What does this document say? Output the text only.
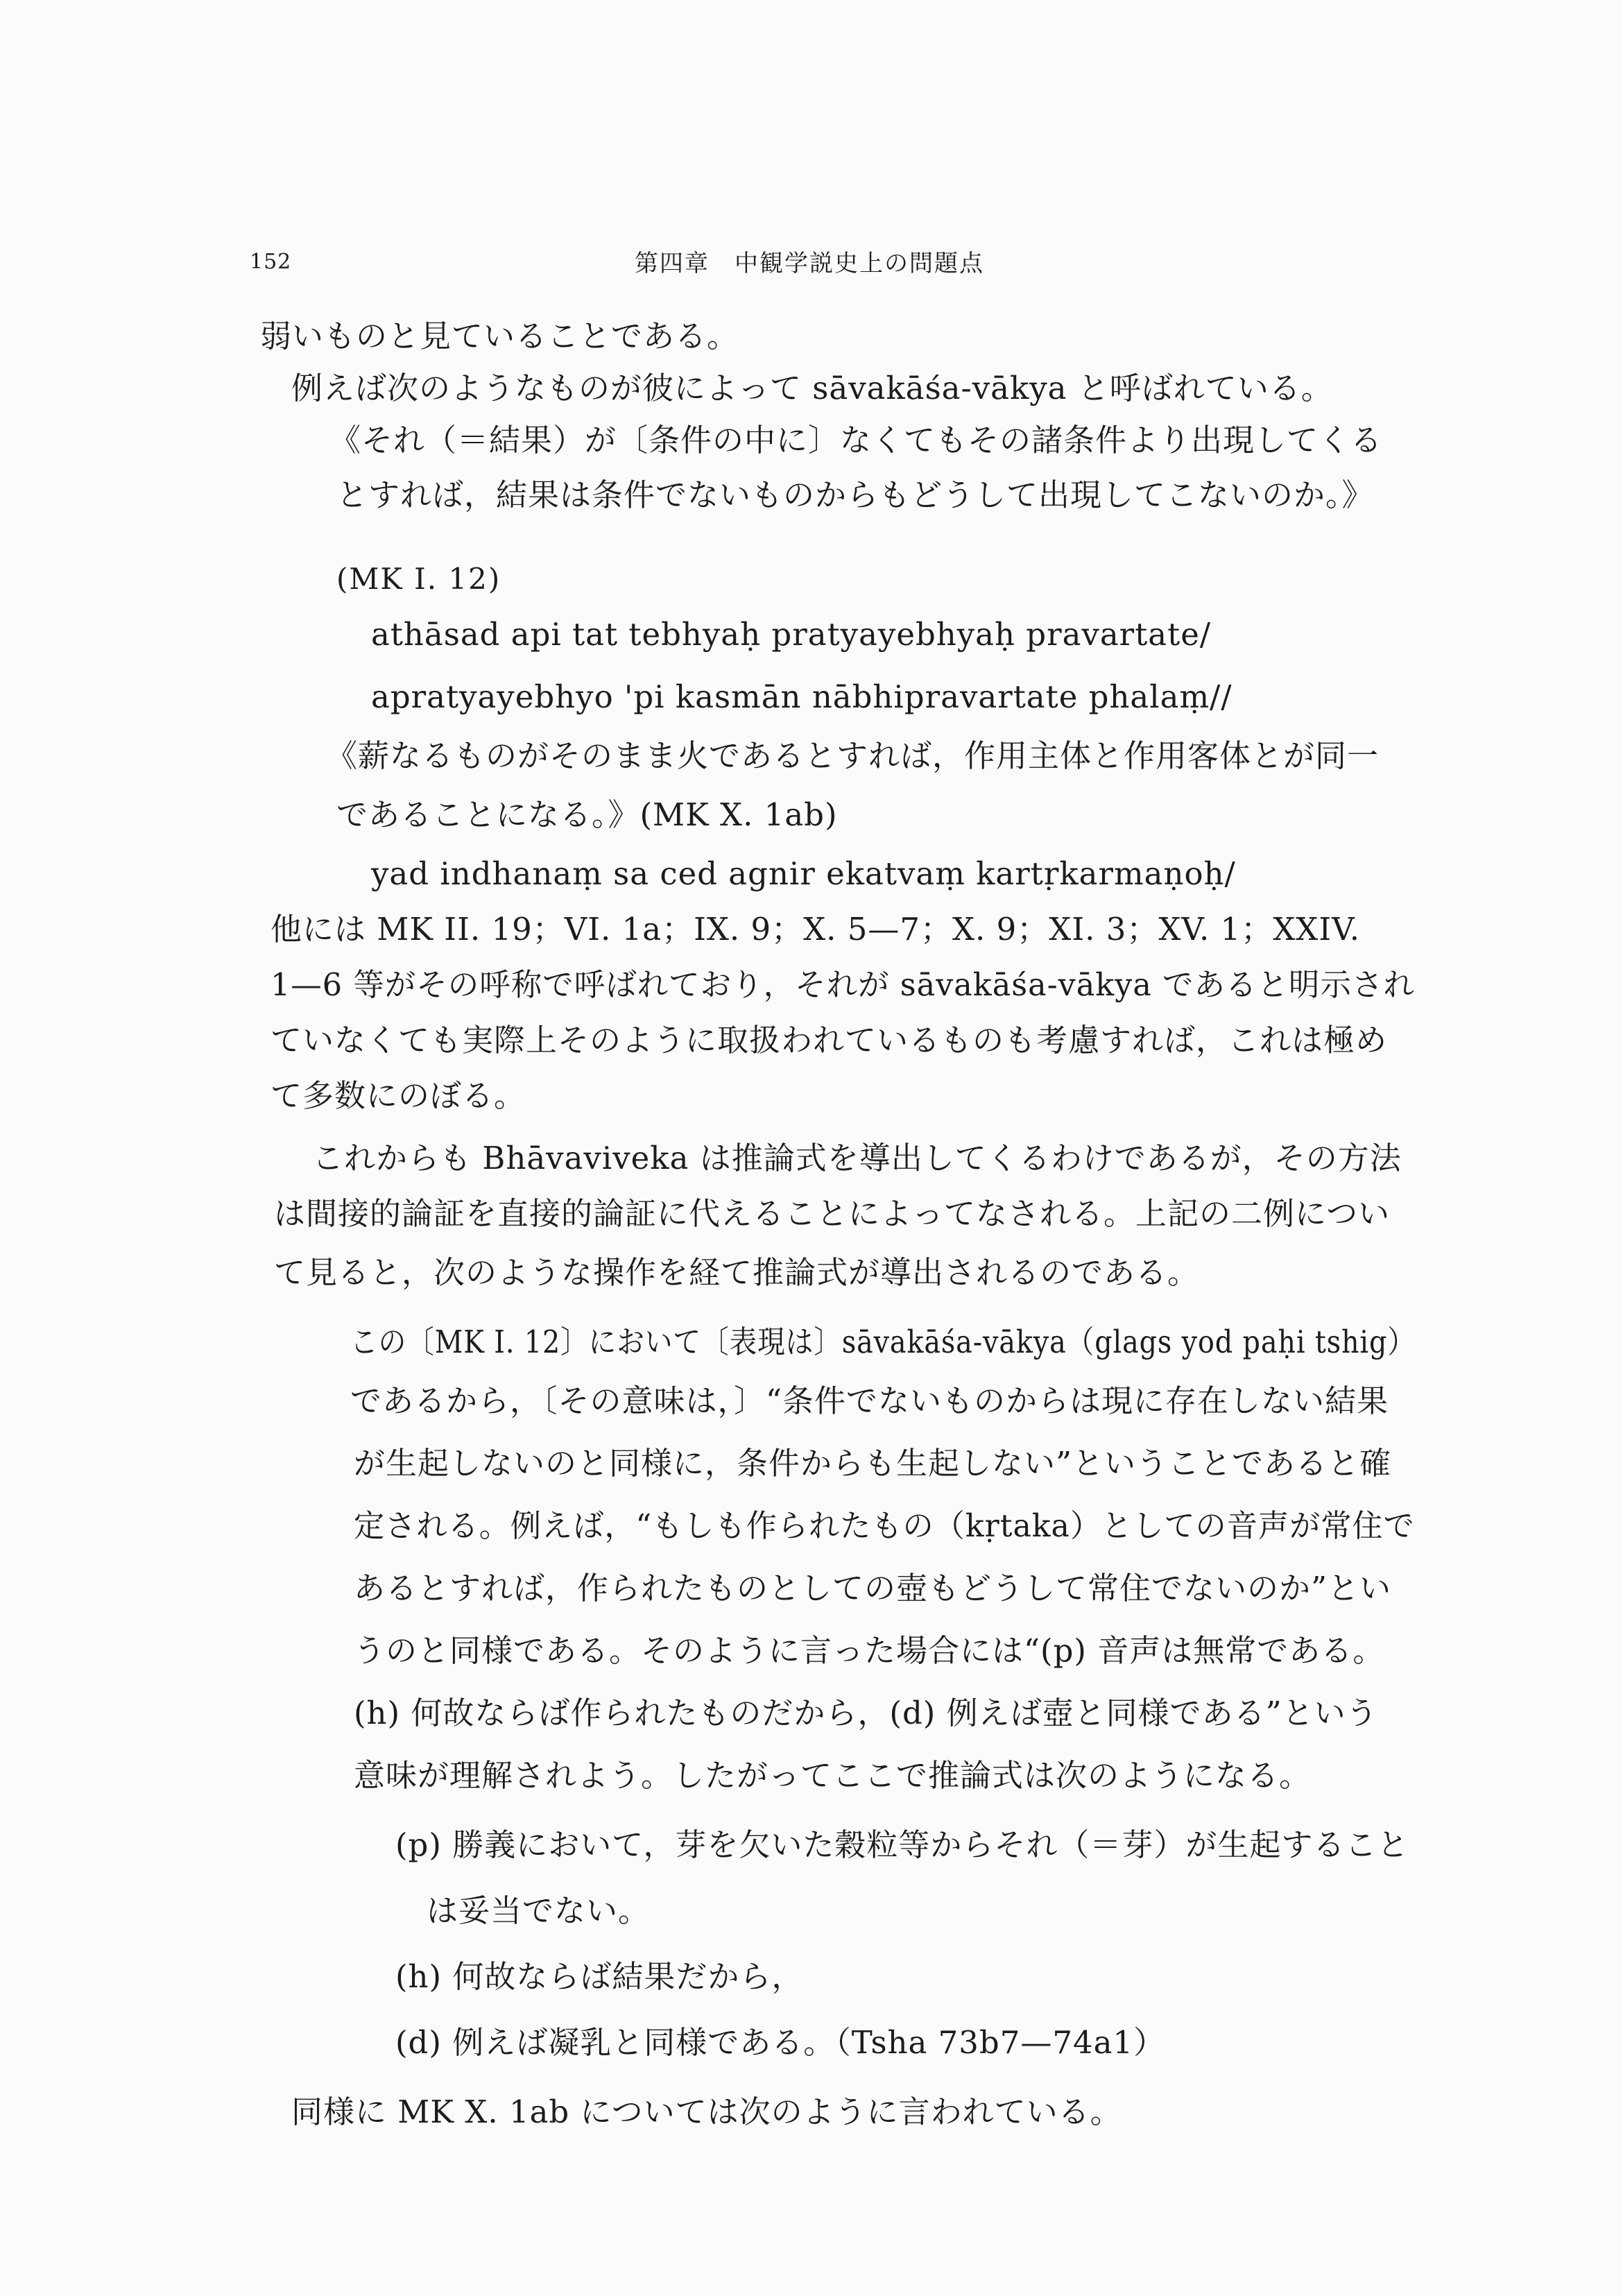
152	第四章　中観学説史上の問題点
弱いものと見ていることである。
例えば次のようなものが彼によって sāvakāśa-vākya と呼ばれている。
《それ（＝結果）が〔条件の中に〕なくてもその諸条件より出現してくる
とすれば，結果は条件でないものからもどうして出現してこないのか。》
(MK I. 12)
athāsad api tat tebhyaḥ pratyayebhyaḥ pravartate/
apratyayebhyo 'pi kasmān nābhipravartate phalaṃ//
《薪なるものがそのまま火であるとすれば，作用主体と作用客体とが同一
であることになる。》(MK X. 1ab)
yad indhanaṃ sa ced agnir ekatvaṃ kartṛkarmaṇoḥ/
他には MK II. 19；VI. 1a；IX. 9；X. 5—7；X. 9；XI. 3；XV. 1；XXIV.
1—6 等がその呼称で呼ばれており，それが sāvakāśa-vākya であると明示され
ていなくても実際上そのように取扱われているものも考慮すれば，これは極め
て多数にのぼる。
これからも Bhāvaviveka は推論式を導出してくるわけであるが，その方法
は間接的論証を直接的論証に代えることによってなされる。上記の二例につい
て見ると，次のような操作を経て推論式が導出されるのである。
この〔MK I. 12〕において〔表現は〕sāvakāśa-vākya（glags yod paḥi tshig）
であるから，〔その意味は，〕“条件でないものからは現に存在しない結果
が生起しないのと同様に，条件からも生起しない”ということであると確
定される。例えば，“もしも作られたもの（kṛtaka）としての音声が常住で
あるとすれば，作られたものとしての壺もどうして常住でないのか”とい
うのと同様である。そのように言った場合には“(p) 音声は無常である。
(h) 何故ならば作られたものだから，(d) 例えば壺と同様である”という
意味が理解されよう。したがってここで推論式は次のようになる。
(p) 勝義において，芽を欠いた穀粒等からそれ（＝芽）が生起すること
は妥当でない。
(h) 何故ならば結果だから，
(d) 例えば凝乳と同様である。（Tsha 73b7—74a1）
同様に MK X. 1ab については次のように言われている。
